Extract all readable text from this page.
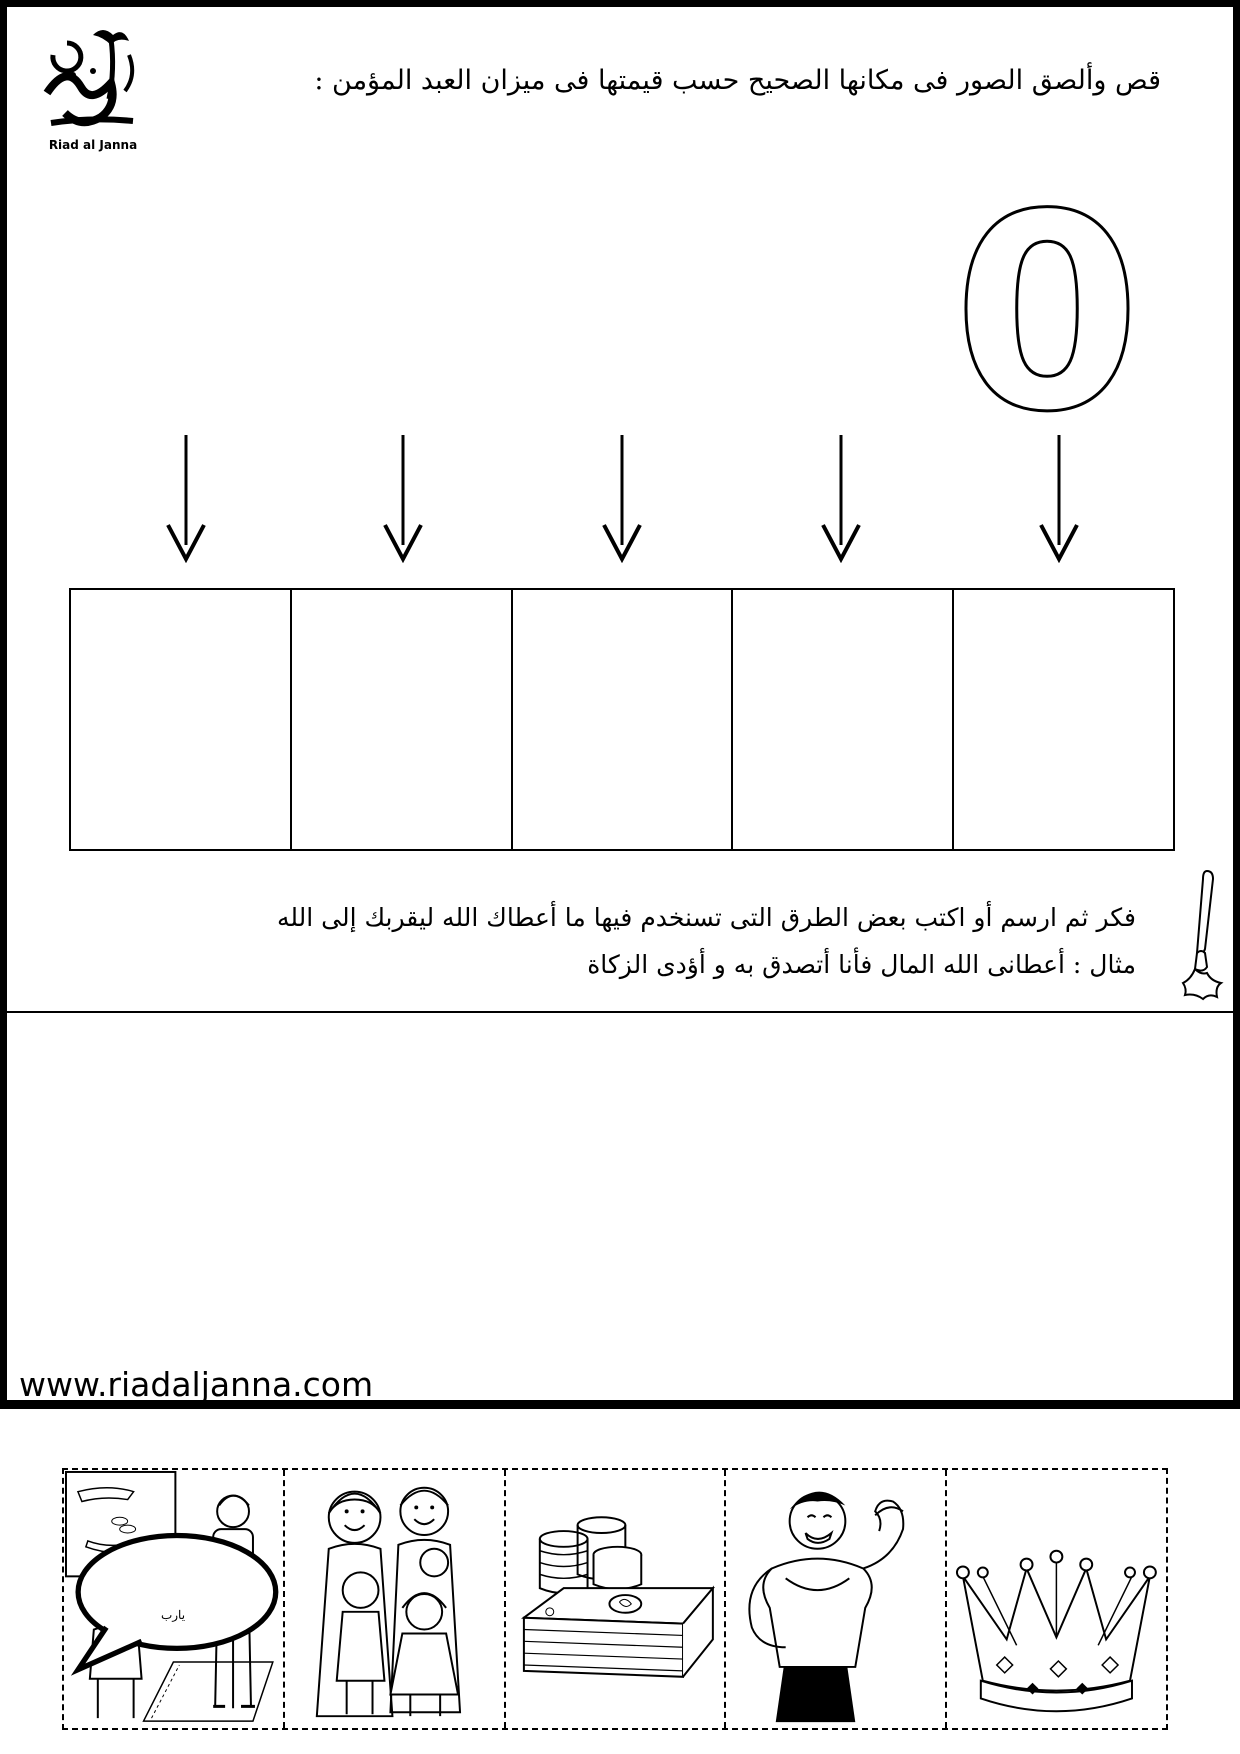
Riad al Janna
قص وألصق الصور فى مكانها الصحيح حسب قيمتها فى ميزان العبد المؤمن :
0
فكر ثم ارسم أو اكتب بعض الطرق التى تسنخدم فيها ما أعطاك الله ليقربك إلى الله
مثال : أعطانى الله المال فأنا أتصدق به و أؤدى الزكاة
www.riadaljanna.com
يارب
